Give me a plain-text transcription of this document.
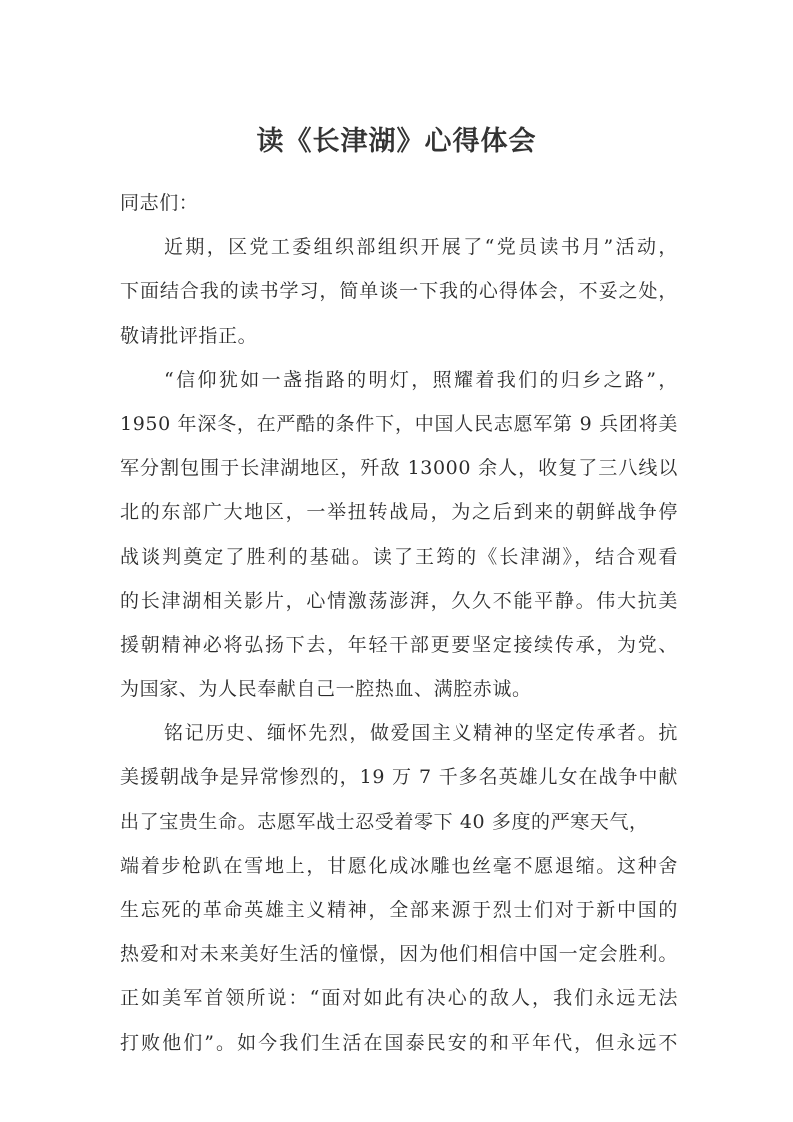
读《长津湖》心得体会
同志们：
近期，区党工委组织部组织开展了“党员读书月”活动，
下面结合我的读书学习，简单谈一下我的心得体会，不妥之处，
敬请批评指正。
“信仰犹如一盏指路的明灯，照耀着我们的归乡之路”，
1950 年深冬，在严酷的条件下，中国人民志愿军第 9 兵团将美
军分割包围于长津湖地区，歼敌 13000 余人，收复了三八线以
北的东部广大地区，一举扭转战局，为之后到来的朝鲜战争停
战谈判奠定了胜利的基础。读了王筠的《长津湖》，结合观看
的长津湖相关影片，心情激荡澎湃，久久不能平静。伟大抗美
援朝精神必将弘扬下去，年轻干部更要坚定接续传承，为党、
为国家、为人民奉献自己一腔热血、满腔赤诚。
铭记历史、缅怀先烈，做爱国主义精神的坚定传承者。抗
美援朝战争是异常惨烈的，19 万 7 千多名英雄儿女在战争中献
出了宝贵生命。志愿军战士忍受着零下 40 多度的严寒天气，
端着步枪趴在雪地上，甘愿化成冰雕也丝毫不愿退缩。这种舍
生忘死的革命英雄主义精神，全部来源于烈士们对于新中国的
热爱和对未来美好生活的憧憬，因为他们相信中国一定会胜利。
正如美军首领所说：“面对如此有决心的敌人，我们永远无法
打败他们”。如今我们生活在国泰民安的和平年代，但永远不
